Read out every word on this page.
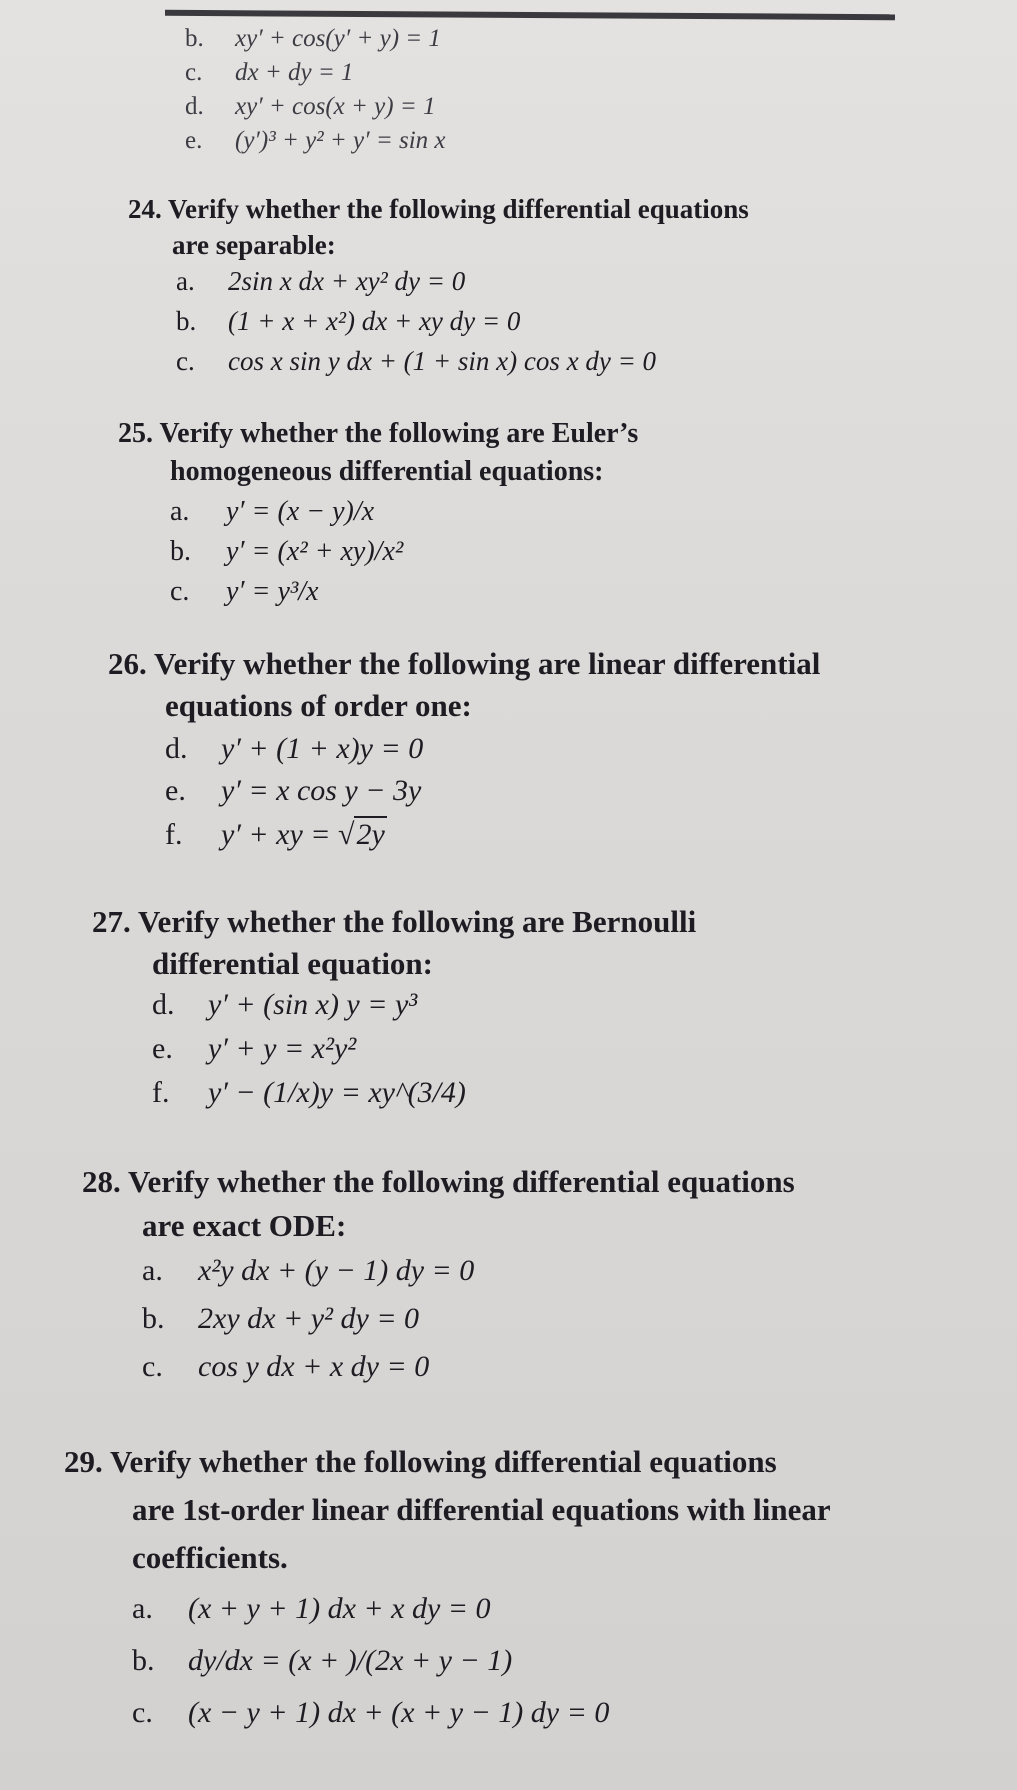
b. xy′ + cos(y′ + y) = 1
c. dx + dy = 1
d. xy′ + cos(x + y) = 1
e. (y′)³ + y² + y′ = sin x
24. Verify whether the following differential equations
are separable:
a. 2sin x dx + xy² dy = 0
b. (1 + x + x²) dx + xy dy = 0
c. cos x sin y dx + (1 + sin x) cos x dy = 0
25. Verify whether the following are Euler’s
homogeneous differential equations:
a. y′ = (x − y)/x
b. y′ = (x² + xy)/x²
c. y′ = y³/x
26. Verify whether the following are linear differential
equations of order one:
d. y′ + (1 + x)y = 0
e. y′ = x cos y − 3y
f. y′ + xy = √2y
27. Verify whether the following are Bernoulli
differential equation:
d. y′ + (sin x) y = y³
e. y′ + y = x²y²
f. y′ − (1/x)y = xy^(3/4)
28. Verify whether the following differential equations
are exact ODE:
a. x²y dx + (y − 1) dy = 0
b. 2xy dx + y² dy = 0
c. cos y dx + x dy = 0
29. Verify whether the following differential equations
are 1st-order linear differential equations with linear
coefficients.
a. (x + y + 1) dx + x dy = 0
b. dy/dx = (x + )/(2x + y − 1)
c. (x − y + 1) dx + (x + y − 1) dy = 0
